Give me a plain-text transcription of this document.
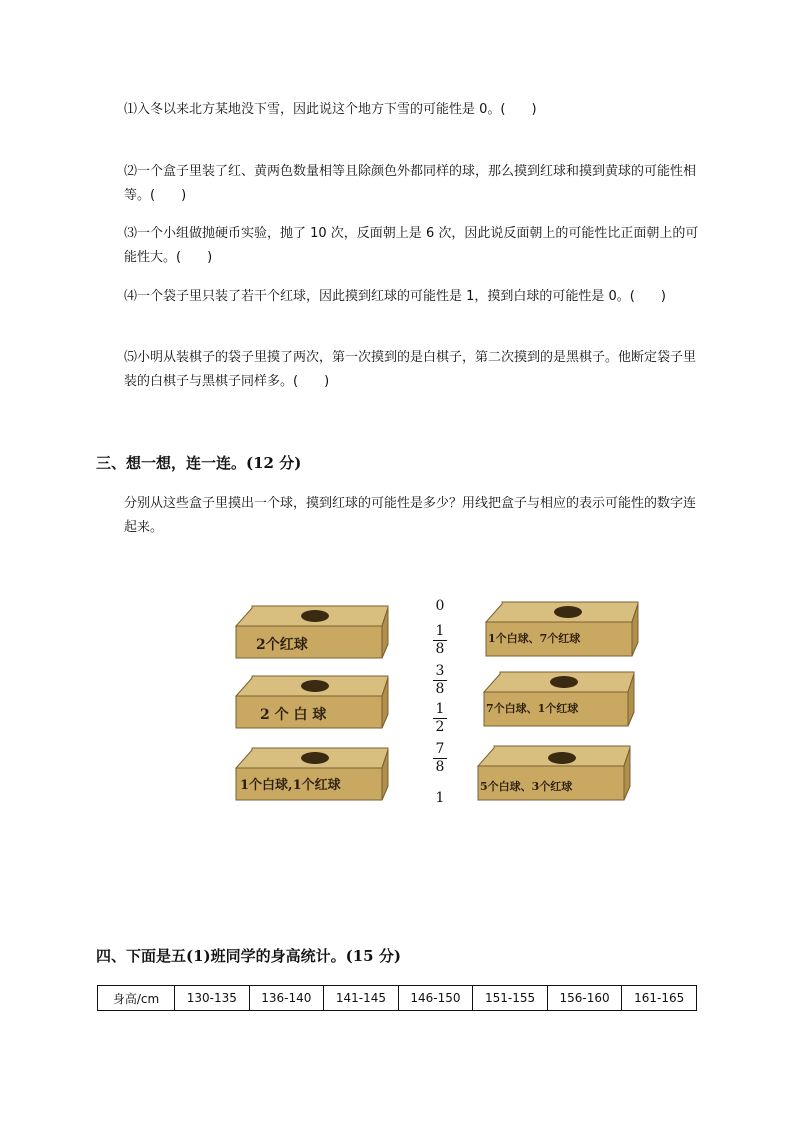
⑴入冬以来北方某地没下雪，因此说这个地方下雪的可能性是 0。(　　)
⑵一个盒子里装了红、黄两色数量相等且除颜色外都同样的球，那么摸到红球和摸到黄球的可能性相等。(　　)
⑶一个小组做抛硬币实验，抛了 10 次，反面朝上是 6 次，因此说反面朝上的可能性比正面朝上的可能性大。(　　)
⑷一个袋子里只装了若干个红球，因此摸到红球的可能性是 1，摸到白球的可能性是 0。(　　)
⑸小明从装棋子的袋子里摸了两次，第一次摸到的是白棋子，第二次摸到的是黑棋子。他断定袋子里装的白棋子与黑棋子同样多。(　　)
三、想一想，连一连。(12 分)
分别从这些盒子里摸出一个球，摸到红球的可能性是多少？用线把盒子与相应的表示可能性的数字连起来。
2个红球
2 个 白 球
1个白球,1个红球
0
1
8
3
8
1
2
7
8
1
1个白球、7个红球
7个白球、1个红球
5个白球、3个红球
四、下面是五(1)班同学的身高统计。(15 分)
身高/cm	130-135	136-140	141-145	146-150	151-155	156-160	161-165
